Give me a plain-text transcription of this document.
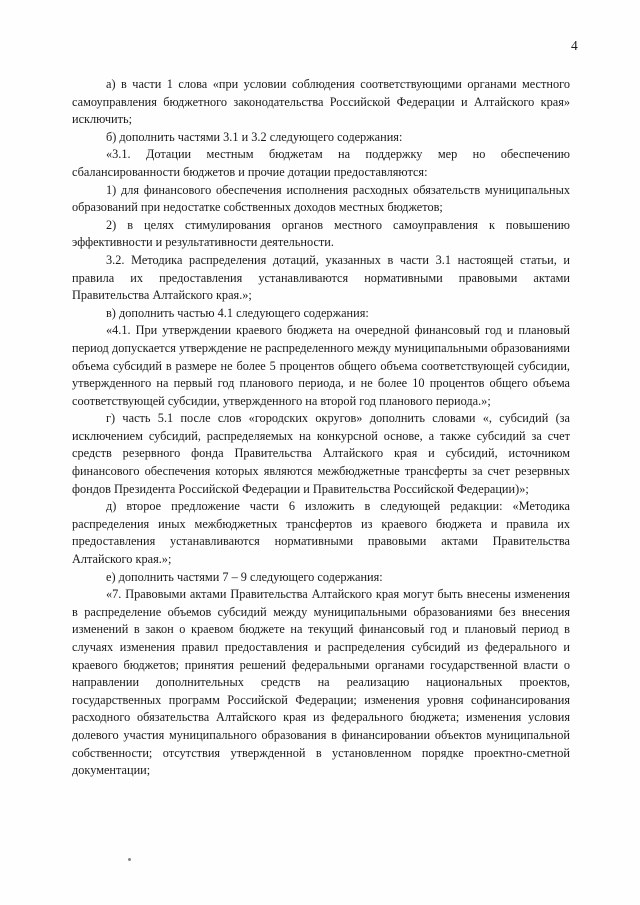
4

а) в части 1 слова «при условии соблюдения соответствующими органами местного самоуправления бюджетного законодательства Российской Федерации и Алтайского края» исключить;

б) дополнить частями 3.1 и 3.2 следующего содержания:

«3.1. Дотации местным бюджетам на поддержку мер но обеспечению сбалансированности бюджетов и прочие дотации предоставляются:

1) для финансового обеспечения исполнения расходных обязательств муниципальных образований при недостатке собственных доходов местных бюджетов;

2) в целях стимулирования органов местного самоуправления к повышению эффективности и результативности деятельности.

3.2. Методика распределения дотаций, указанных в части 3.1 настоящей статьи, и правила их предоставления устанавливаются нормативными правовыми актами Правительства Алтайского края.»;

в) дополнить частью 4.1 следующего содержания:

«4.1. При утверждении краевого бюджета на очередной финансовый год и плановый период допускается утверждение не распределенного между муниципальными образованиями объема субсидий в размере не более 5 процентов общего объема соответствующей субсидии, утвержденного на первый год планового периода, и не более 10 процентов общего объема соответствующей субсидии, утвержденного на второй год планового периода.»;

г) часть 5.1 после слов «городских округов» дополнить словами «, субсидий (за исключением субсидий, распределяемых на конкурсной основе, а также субсидий за счет средств резервного фонда Правительства Алтайского края и субсидий, источником финансового обеспечения которых являются межбюджетные трансферты за счет резервных фондов Президента Российской Федерации и Правительства Российской Федерации)»;

д) второе предложение части 6 изложить в следующей редакции: «Методика распределения иных межбюджетных трансфертов из краевого бюджета и правила их предоставления устанавливаются нормативными правовыми актами Правительства Алтайского края.»;

е) дополнить частями 7 – 9 следующего содержания:

«7. Правовыми актами Правительства Алтайского края могут быть внесены изменения в распределение объемов субсидий между муниципальными образованиями без внесения изменений в закон о краевом бюджете на текущий финансовый год и плановый период в случаях изменения правил предоставления и распределения субсидий из федерального и краевого бюджетов; принятия решений федеральными органами государственной власти о направлении дополнительных средств на реализацию национальных проектов, государственных программ Российской Федерации; изменения уровня софинансирования расходного обязательства Алтайского края из федерального бюджета; изменения условия долевого участия муниципального образования в финансировании объектов муниципальной собственности; отсутствия утвержденной в установленном порядке проектно-сметной документации;
